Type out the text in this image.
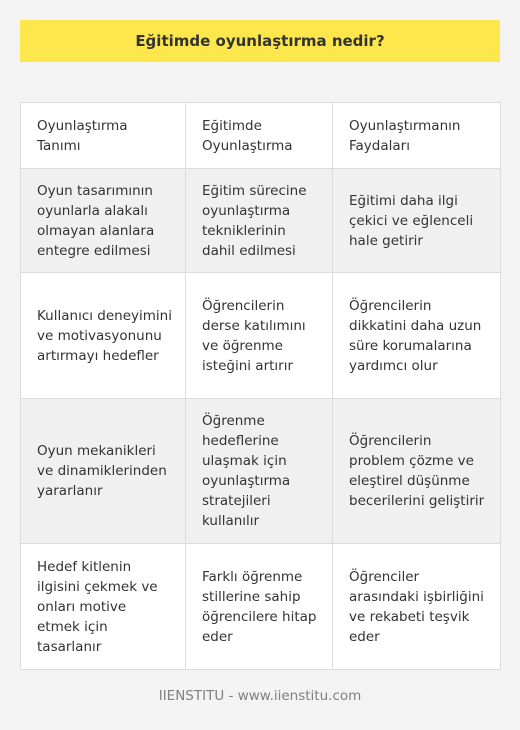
Eğitimde oyunlaştırma nedir?
Oyunlaştırma Tanımı	Eğitimde Oyunlaştırma	Oyunlaştırmanın Faydaları
Oyun tasarımının oyunlarla alakalı olmayan alanlara entegre edilmesi	Eğitim sürecine oyunlaştırma tekniklerinin dahil edilmesi	Eğitimi daha ilgi çekici ve eğlenceli hale getirir
Kullanıcı deneyimini ve motivasyonunu artırmayı hedefler	Öğrencilerin derse katılımını ve öğrenme isteğini artırır	Öğrencilerin dikkatini daha uzun süre korumalarına yardımcı olur
Oyun mekanikleri ve dinamiklerinden yararlanır	Öğrenme hedeflerine ulaşmak için oyunlaştırma stratejileri kullanılır	Öğrencilerin problem çözme ve eleştirel düşünme becerilerini geliştirir
Hedef kitlenin ilgisini çekmek ve onları motive etmek için tasarlanır	Farklı öğrenme stillerine sahip öğrencilere hitap eder	Öğrenciler arasındaki işbirliğini ve rekabeti teşvik eder
IIENSTITU - www.iienstitu.com
